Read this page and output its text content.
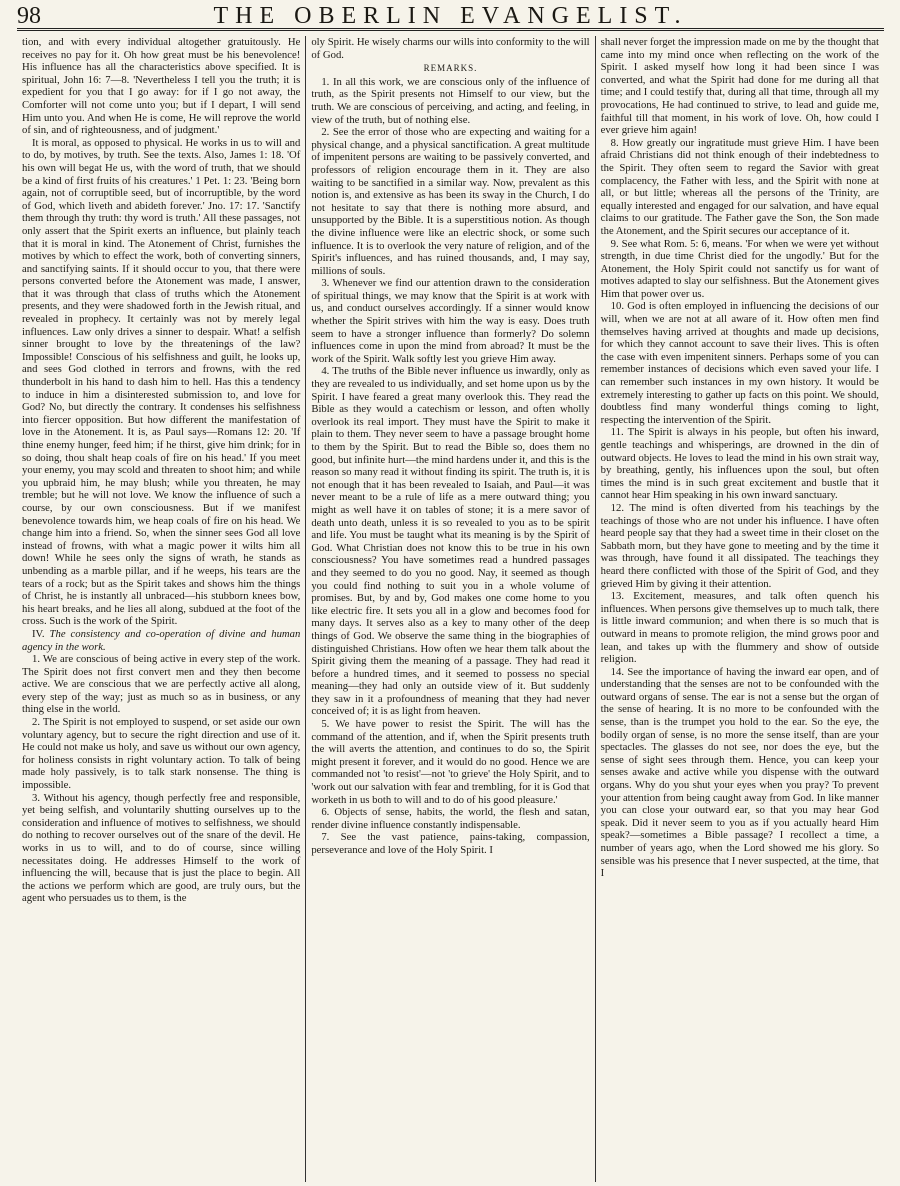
98	THE OBERLIN EVANGELIST.

tion, and with every individual altogether gratuitously. He receives no pay for it. Oh how great must be his benevolence! His influence has all the characteristics above specified. It is spiritual, John 16: 7—8. 'Nevertheless I tell you the truth; it is expedient for you that I go away: for if I go not away, the Comforter will not come unto you; but if I depart, I will send Him unto you. And when He is come, He will reprove the world of sin, and of righteousness, and of judgment.'

It is moral, as opposed to physical. He works in us to will and to do, by motives, by truth. See the texts. Also, James 1: 18. 'Of his own will begat He us, with the word of truth, that we should be a kind of first fruits of his creatures.' 1 Pet. 1: 23. 'Being born again, not of corruptible seed, but of incorruptible, by the word of God, which liveth and abideth forever.' Jno. 17: 17. 'Sanctify them through thy truth: thy word is truth.' All these passages, not only assert that the Spirit exerts an influence, but plainly teach that it is moral in kind. The Atonement of Christ, furnishes the motives by which to effect the work, both of converting sinners, and sanctifying saints. If it should occur to you, that there were persons converted before the Atonement was made, I answer, that it was through that class of truths which the Atonement presents, and they were shadowed forth in the Jewish ritual, and revealed in prophecy. It certainly was not by merely legal influences. Law only drives a sinner to despair. What! a selfish sinner brought to love by the threatenings of the law? Impossible! Conscious of his selfishness and guilt, he looks up, and sees God clothed in terrors and frowns, with the red thunderbolt in his hand to dash him to hell. Has this a tendency to induce in him a disinterested submission to, and love for God? No, but directly the contrary. It condenses his selfishness into fiercer opposition. But how different the manifestation of love in the Atonement. It is, as Paul says—Romans 12: 20. 'If thine enemy hunger, feed him; if he thirst, give him drink; for in so doing, thou shalt heap coals of fire on his head.' If you meet your enemy, you may scold and threaten to shoot him; and while you upbraid him, he may blush; while you threaten, he may tremble; but he will not love. We know the influence of such a course, by our own consciousness. But if we manifest benevolence towards him, we heap coals of fire on his head. We change him into a friend. So, when the sinner sees God all love instead of frowns, with what a magic power it wilts him all down! While he sees only the signs of wrath, he stands as unbending as a marble pillar, and if he weeps, his tears are the tears of a rock; but as the Spirit takes and shows him the things of Christ, he is instantly all unbraced—his stubborn knees bow, his heart breaks, and he lies all along, subdued at the foot of the cross. Such is the work of the Spirit.

IV. The consistency and co-operation of divine and human agency in the work.

1. We are conscious of being active in every step of the work. The Spirit does not first convert men and they then become active. We are conscious that we are perfectly active all along, every step of the way; just as much so as in business, or any thing else in the world.

2. The Spirit is not employed to suspend, or set aside our own voluntary agency, but to secure the right direction and use of it. He could not make us holy, and save us without our own agency, for holiness consists in right voluntary action. To talk of being made holy passively, is to talk stark nonsense. The thing is impossible.

3. Without his agency, though perfectly free and responsible, yet being selfish, and voluntarily shutting ourselves up to the consideration and influence of motives to selfishness, we should do nothing to recover ourselves out of the snare of the devil. He works in us to will, and to do of course, since willing necessitates doing. He addresses Himself to the work of influencing the will, because that is just the place to begin. All the actions we perform which are good, are truly ours, but the agent who persuades us to them, is the

oly Spirit. He wisely charms our wills into conformity to the will of God.

REMARKS.

1. In all this work, we are conscious only of the influence of truth, as the Spirit presents not Himself to our view, but the truth. We are conscious of perceiving, and acting, and feeling, in view of the truth, but of nothing else.

2. See the error of those who are expecting and waiting for a physical change, and a physical sanctification. A great multitude of impenitent persons are waiting to be passively converted, and professors of religion encourage them in it. They are also waiting to be sanctified in a similar way. Now, prevalent as this notion is, and extensive as has been its sway in the Church, I do not hesitate to say that there is nothing more absurd, and unsupported by the Bible. It is a superstitious notion. As though the divine influence were like an electric shock, or some such influence. It is to overlook the very nature of religion, and of the Spirit's influences, and has ruined thousands, and, I may say, millions of souls.

3. Whenever we find our attention drawn to the consideration of spiritual things, we may know that the Spirit is at work with us, and conduct ourselves accordingly. If a sinner would know whether the Spirit strives with him the way is easy. Does truth seem to have a stronger influence than formerly? Do solemn influences come in upon the mind from abroad? It must be the work of the Spirit. Walk softly lest you grieve Him away.

4. The truths of the Bible never influence us inwardly, only as they are revealed to us individually, and set home upon us by the Spirit. I have feared a great many overlook this. They read the Bible as they would a catechism or lesson, and often wholly overlook its real import. They must have the Spirit to make it plain to them. They never seem to have a passage brought home to them by the Spirit. But to read the Bible so, does them no good, but infinite hurt—the mind hardens under it, and this is the reason so many read it without finding its spirit. The truth is, it is not enough that it has been revealed to Isaiah, and Paul—it was never meant to be a rule of life as a mere outward thing; you might as well have it on tables of stone; it is a mere savor of death unto death, unless it is so revealed to you as to be spirit and life. You must be taught what its meaning is by the Spirit of God. What Christian does not know this to be true in his own consciousness? You have sometimes read a hundred passages and they seemed to do you no good. Nay, it seemed as though you could find nothing to suit you in a whole volume of promises. But, by and by, God makes one come home to you like electric fire. It sets you all in a glow and becomes food for many days. It serves also as a key to many other of the deep things of God. We observe the same thing in the biographies of distinguished Christians. How often we hear them talk about the Spirit giving them the meaning of a passage. They had read it before a hundred times, and it seemed to possess no special meaning—they had only an outside view of it. But suddenly they saw in it a profoundness of meaning that they had never conceived of; it is as light from heaven.

5. We have power to resist the Spirit. The will has the command of the attention, and if, when the Spirit presents truth the will averts the attention, and continues to do so, the Spirit might present it forever, and it would do no good. Hence we are commanded not 'to resist'—not 'to grieve' the Holy Spirit, and to 'work out our salvation with fear and trembling, for it is God that worketh in us both to will and to do of his good pleasure.'

6. Objects of sense, habits, the world, the flesh and satan, render divine influence constantly indispensable.

7. See the vast patience, pains-taking, compassion, perseverance and love of the Holy Spirit. I

shall never forget the impression made on me by the thought that came into my mind once when reflecting on the work of the Spirit. I asked myself how long it had been since I was converted, and what the Spirit had done for me during all that time; and I could testify that, during all that time, through all my provocations, He had continued to strive, to lead and guide me, faithful till that moment, in his work of love. Oh, how could I ever grieve him again!

8. How greatly our ingratitude must grieve Him. I have been afraid Christians did not think enough of their indebtedness to the Spirit. They often seem to regard the Savior with great complacency, the Father with less, and the Spirit with none at all, or but little; whereas all the persons of the Trinity, are equally interested and engaged for our salvation, and have equal claims to our gratitude. The Father gave the Son, the Son made the Atonement, and the Spirit secures our acceptance of it.

9. See what Rom. 5: 6, means. 'For when we were yet without strength, in due time Christ died for the ungodly.' But for the Atonement, the Holy Spirit could not sanctify us for want of motives adapted to slay our selfishness. But the Atonement gives Him that power over us.

10. God is often employed in influencing the decisions of our will, when we are not at all aware of it. How often men find themselves having arrived at thoughts and made up decisions, for which they cannot account to save their lives. This is often the case with even impenitent sinners. Perhaps some of you can remember instances of decisions which even saved your life. I can remember such instances in my own history. It would be extremely interesting to gather up facts on this point. We should, doubtless find many wonderful things coming to light, respecting the intervention of the Spirit.

11. The Spirit is always in his people, but often his inward, gentle teachings and whisperings, are drowned in the din of outward objects. He loves to lead the mind in his own strait way, by breathing, gently, his influences upon the soul, but often times the mind is in such great excitement and bustle that it cannot hear Him speaking in his own inward sanctuary.

12. The mind is often diverted from his teachings by the teachings of those who are not under his influence. I have often heard people say that they had a sweet time in their closet on the Sabbath morn, but they have gone to meeting and by the time it was through, have found it all dissipated. The teachings they heard there conflicted with those of the Spirit of God, and they grieved Him by giving it their attention.

13. Excitement, measures, and talk often quench his influences. When persons give themselves up to much talk, there is little inward communion; and when there is so much that is outward in means to promote religion, the mind grows poor and lean, and takes up with the flummery and show of outside religion.

14. See the importance of having the inward ear open, and of understanding that the senses are not to be confounded with the outward organs of sense. The ear is not a sense but the organ of the sense of hearing. It is no more to be confounded with the sense, than is the trumpet you hold to the ear. So the eye, the bodily organ of sense, is no more the sense itself, than are your spectacles. The glasses do not see, nor does the eye, but the sense of sight sees through them. Hence, you can keep your senses awake and active while you dispense with the outward organs. Why do you shut your eyes when you pray? To prevent your attention from being caught away from God. In like manner you can close your outward ear, so that you may hear God speak. Did it never seem to you as if you actually heard Him speak?—sometimes a Bible passage? I recollect a time, a number of years ago, when the Lord showed me his glory. So sensible was his presence that I never suspected, at the time, that I
